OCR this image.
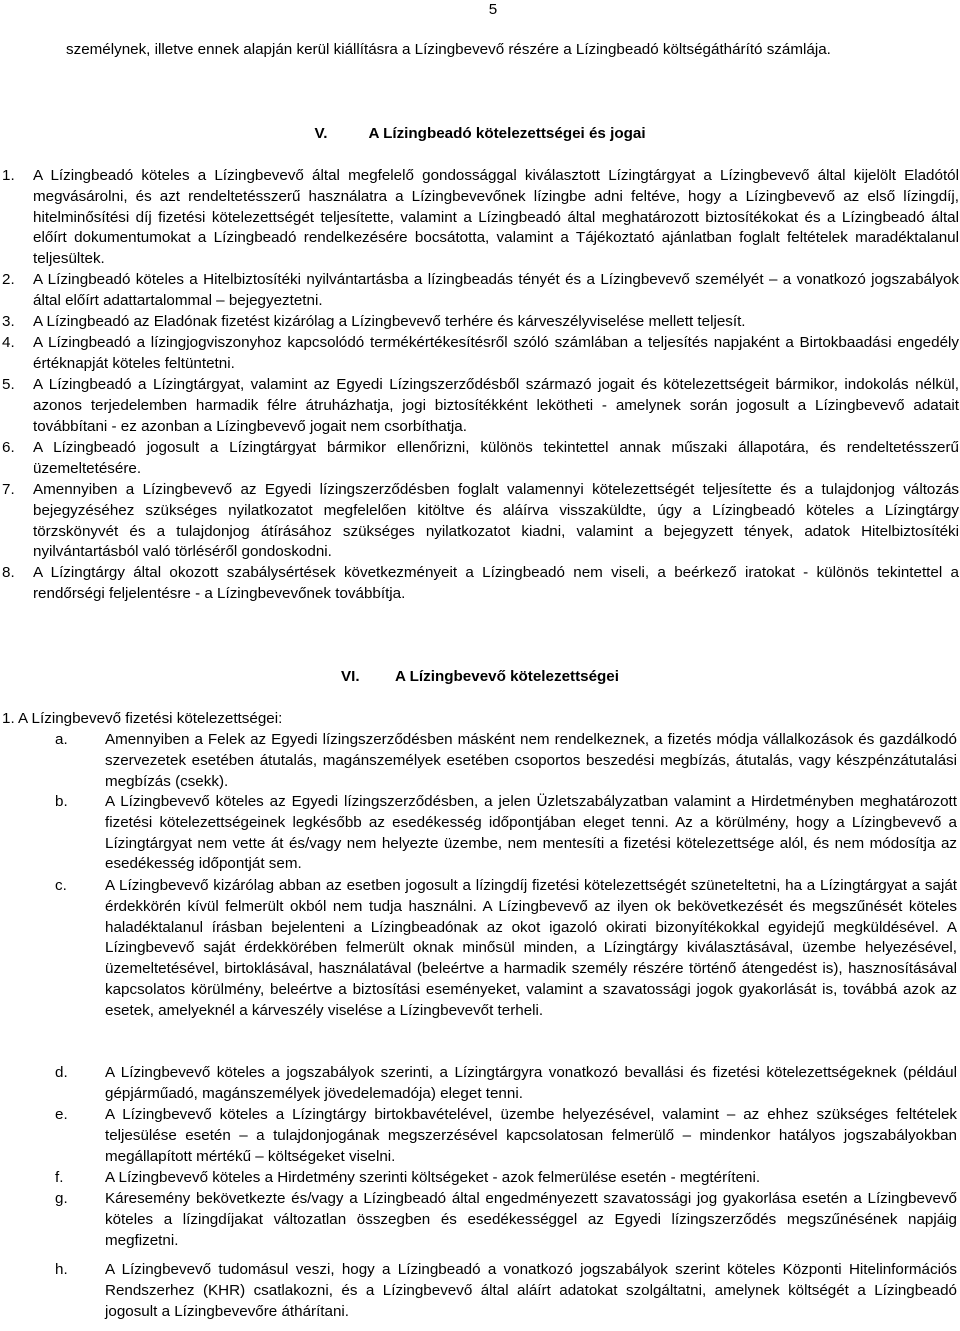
5
személynek, illetve ennek alapján kerül kiállításra a Lízingbevevő részére a Lízingbeadó költségáthárító számlája.
V.	A Lízingbeadó kötelezettségei és jogai
1. A Lízingbeadó köteles a Lízingbevevő által megfelelő gondossággal kiválasztott Lízingtárgyat a Lízingbevevő által kijelölt Eladótól megvásárolni, és azt rendeltetésszerű használatra a Lízingbevevőnek lízingbe adni feltéve, hogy a Lízingbevevő az első lízingdíj, hitelminősítési díj fizetési kötelezettségét teljesítette, valamint a Lízingbeadó által meghatározott biztosítékokat és a Lízingbeadó által előírt dokumentumokat a Lízingbeadó rendelkezésére bocsátotta, valamint a Tájékoztató ajánlatban foglalt feltételek maradéktalanul teljesültek.
2. A Lízingbeadó köteles a Hitelbiztosítéki nyilvántartásba a lízingbeadás tényét és a Lízingbevevő személyét – a vonatkozó jogszabályok által előírt adattartalommal – bejegyeztetni.
3. A Lízingbeadó az Eladónak fizetést kizárólag a Lízingbevevő terhére és kárveszélyviselése mellett teljesít.
4. A Lízingbeadó a lízingjogviszonyhoz kapcsolódó termékértékesítésről szóló számlában a teljesítés napjaként a Birtokbaadási engedély értéknapját köteles feltüntetni.
5. A Lízingbeadó a Lízingtárgyat, valamint az Egyedi Lízingszerződésből származó jogait és kötelezettségeit bármikor, indokolás nélkül, azonos terjedelemben harmadik félre átruházhatja, jogi biztosítékként lekötheti - amelynek során jogosult a Lízingbevevő adatait továbbítani - ez azonban a Lízingbevevő jogait nem csorbíthatja.
6. A Lízingbeadó jogosult a Lízingtárgyat bármikor ellenőrizni, különös tekintettel annak műszaki állapotára, és rendeltetésszerű üzemeltetésére.
7. Amennyiben a Lízingbevevő az Egyedi lízingszerződésben foglalt valamennyi kötelezettségét teljesítette és a tulajdonjog változás bejegyzéséhez szükséges nyilatkozatot megfelelően kitöltve és aláírva visszaküldte, úgy a Lízingbeadó köteles a Lízingtárgy törzskönyvét és a tulajdonjog átírásához szükséges nyilatkozatot kiadni, valamint a bejegyzett tények, adatok Hitelbiztosítéki nyilvántartásból való törléséről gondoskodni.
8. A Lízingtárgy által okozott szabálysértések következményeit a Lízingbeadó nem viseli, a beérkező iratokat - különös tekintettel a rendőrségi feljelentésre - a Lízingbevevőnek továbbítja.
VI. A Lízingbevevő kötelezettségei
1. A Lízingbevevő fizetési kötelezettségei:
a. Amennyiben a Felek az Egyedi lízingszerződésben másként nem rendelkeznek, a fizetés módja vállalkozások és gazdálkodó szervezetek esetében átutalás, magánszemélyek esetében csoportos beszedési megbízás, átutalás, vagy készpénzátutalási megbízás (csekk).
b. A Lízingbevevő köteles az Egyedi lízingszerződésben, a jelen Üzletszabályzatban valamint a Hirdetményben meghatározott fizetési kötelezettségeinek legkésőbb az esedékesség időpontjában eleget tenni. Az a körülmény, hogy a Lízingbevevő a Lízingtárgyat nem vette át és/vagy nem helyezte üzembe, nem mentesíti a fizetési kötelezettsége alól, és nem módosítja az esedékesség időpontját sem.
c.	A Lízingbevevő kizárólag abban az esetben jogosult a lízingdíj fizetési kötelezettségét szüneteltetni, ha a Lízingtárgyat a saját érdekkörén kívül felmerült okból nem tudja használni. A Lízingbevevő az ilyen ok bekövetkezését és megszűnését köteles haladéktalanul írásban bejelenteni a Lízingbeadónak az okot igazoló okirati bizonyítékokkal egyidejű megküldésével. A Lízingbevevő saját érdekkörében felmerült oknak minősül minden, a Lízingtárgy kiválasztásával, üzembe helyezésével, üzemeltetésével, birtoklásával, használatával (beleértve a harmadik személy részére történő átengedést is), hasznosításával kapcsolatos körülmény, beleértve a biztosítási eseményeket, valamint a szavatossági jogok gyakorlását is, továbbá azok az esetek, amelyeknél a kárveszély viselése a Lízingbevevőt terheli.
d. A Lízingbevevő köteles a jogszabályok szerinti, a Lízingtárgyra vonatkozó bevallási és fizetési kötelezettségeknek (például gépjárműadó, magánszemélyek jövedelemadója) eleget tenni.
e. A Lízingbevevő köteles a Lízingtárgy birtokbavételével, üzembe helyezésével, valamint – az ehhez szükséges feltételek teljesülése esetén – a tulajdonjogának megszerzésével kapcsolatosan felmerülő – mindenkor hatályos jogszabályokban megállapított mértékű – költségeket viselni.
f.	A Lízingbevevő köteles a Hirdetmény szerinti költségeket - azok felmerülése esetén - megtéríteni.
g. Káresemény bekövetkezte és/vagy a Lízingbeadó által engedményezett szavatossági jog gyakorlása esetén a Lízingbevevő köteles a lízingdíjakat változatlan összegben és esedékességgel az Egyedi lízingszerződés megszűnésének napjáig megfizetni.
h. A Lízingbevevő tudomásul veszi, hogy a Lízingbeadó a vonatkozó jogszabályok szerint köteles Központi Hitelinformációs Rendszerhez (KHR) csatlakozni, és a Lízingbevevő által aláírt adatokat szolgáltatni, amelynek költségét a Lízingbeadó jogosult a Lízingbevevőre áthárítani.
